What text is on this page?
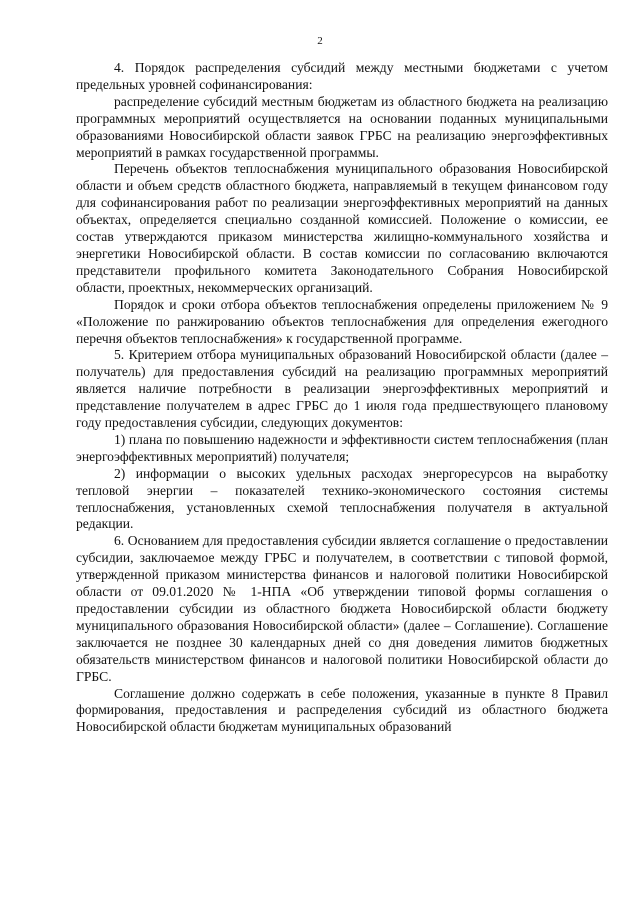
2

4. Порядок распределения субсидий между местными бюджетами с учетом предельных уровней софинансирования:

распределение субсидий местным бюджетам из областного бюджета на реализацию программных мероприятий осуществляется на основании поданных муниципальными образованиями Новосибирской области заявок ГРБС на реализацию энергоэффективных мероприятий в рамках государственной программы.

Перечень объектов теплоснабжения муниципального образования Новосибирской области и объем средств областного бюджета, направляемый в текущем финансовом году для софинансирования работ по реализации энергоэффективных мероприятий на данных объектах, определяется специально созданной комиссией. Положение о комиссии, ее состав утверждаются приказом министерства жилищно-коммунального хозяйства и энергетики Новосибирской области. В состав комиссии по согласованию включаются представители профильного комитета Законодательного Собрания Новосибирской области, проектных, некоммерческих организаций.

Порядок и сроки отбора объектов теплоснабжения определены приложением № 9 «Положение по ранжированию объектов теплоснабжения для определения ежегодного перечня объектов теплоснабжения» к государственной программе.

5. Критерием отбора муниципальных образований Новосибирской области (далее – получатель) для предоставления субсидий на реализацию программных мероприятий является наличие потребности в реализации энергоэффективных мероприятий и представление получателем в адрес ГРБС до 1 июля года предшествующего плановому году предоставления субсидии, следующих документов:

1) плана по повышению надежности и эффективности систем теплоснабжения (план энергоэффективных мероприятий) получателя;

2) информации о высоких удельных расходах энергоресурсов на выработку тепловой энергии – показателей технико-экономического состояния системы теплоснабжения, установленных схемой теплоснабжения получателя в актуальной редакции.

6. Основанием для предоставления субсидии является соглашение о предоставлении субсидии, заключаемое между ГРБС и получателем, в соответствии с типовой формой, утвержденной приказом министерства финансов и налоговой политики Новосибирской области от 09.01.2020 № 1-НПА «Об утверждении типовой формы соглашения о предоставлении субсидии из областного бюджета Новосибирской области бюджету муниципального образования Новосибирской области» (далее – Соглашение). Соглашение заключается не позднее 30 календарных дней со дня доведения лимитов бюджетных обязательств министерством финансов и налоговой политики Новосибирской области до ГРБС.

Соглашение должно содержать в себе положения, указанные в пункте 8 Правил формирования, предоставления и распределения субсидий из областного бюджета Новосибирской области бюджетам муниципальных образований
